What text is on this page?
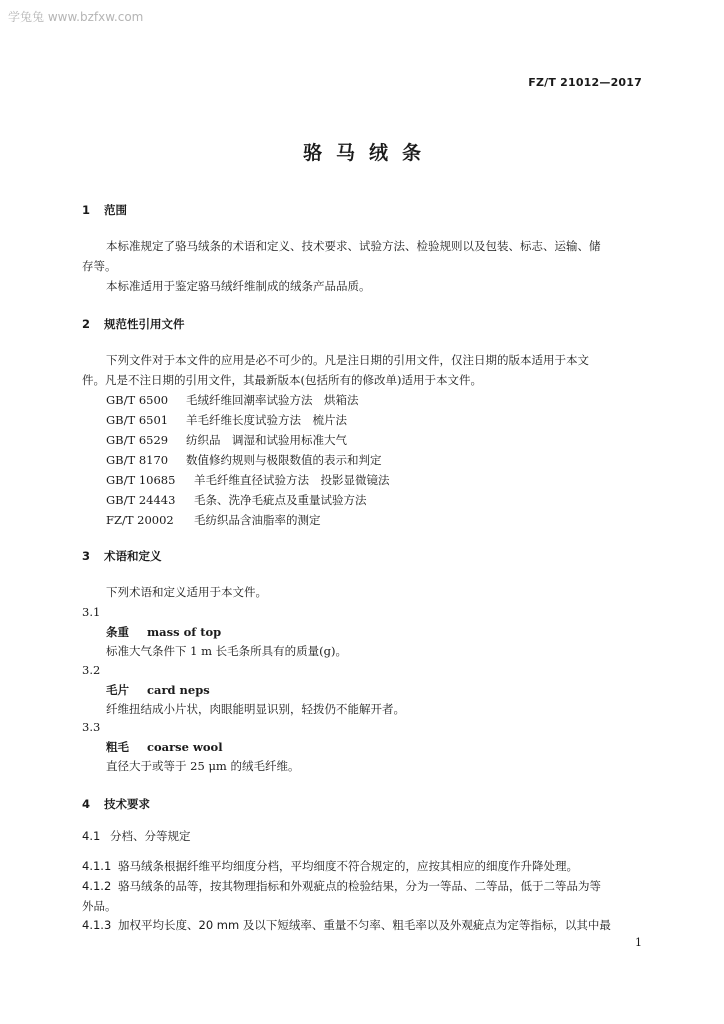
学兔兔 www.bzfxw.com
FZ/T 21012—2017
骆马绒条
1 范围
本标准规定了骆马绒条的术语和定义、技术要求、试验方法、检验规则以及包装、标志、运输、储
存等。
本标准适用于鉴定骆马绒纤维制成的绒条产品品质。
2 规范性引用文件
下列文件对于本文件的应用是必不可少的。凡是注日期的引用文件，仅注日期的版本适用于本文
件。凡是不注日期的引用文件，其最新版本(包括所有的修改单)适用于本文件。
GB/T 6500 毛绒纤维回潮率试验方法　烘箱法
GB/T 6501 羊毛纤维长度试验方法　梳片法
GB/T 6529 纺织品　调湿和试验用标准大气
GB/T 8170 数值修约规则与极限数值的表示和判定
GB/T 10685 羊毛纤维直径试验方法　投影显微镜法
GB/T 24443 毛条、洗净毛疵点及重量试验方法
FZ/T 20002 毛纺织品含油脂率的测定
3 术语和定义
下列术语和定义适用于本文件。
3.1
条重 mass of top
标准大气条件下 1 m 长毛条所具有的质量(g)。
3.2
毛片 card neps
纤维扭结成小片状，肉眼能明显识别，轻拨仍不能解开者。
3.3
粗毛 coarse wool
直径大于或等于 25 μm 的绒毛纤维。
4 技术要求
4.1 分档、分等规定
4.1.1 骆马绒条根据纤维平均细度分档，平均细度不符合规定的，应按其相应的细度作升降处理。
4.1.2 骆马绒条的品等，按其物理指标和外观疵点的检验结果，分为一等品、二等品，低于二等品为等
外品。
4.1.3 加权平均长度、20 mm 及以下短绒率、重量不匀率、粗毛率以及外观疵点为定等指标，以其中最
1
